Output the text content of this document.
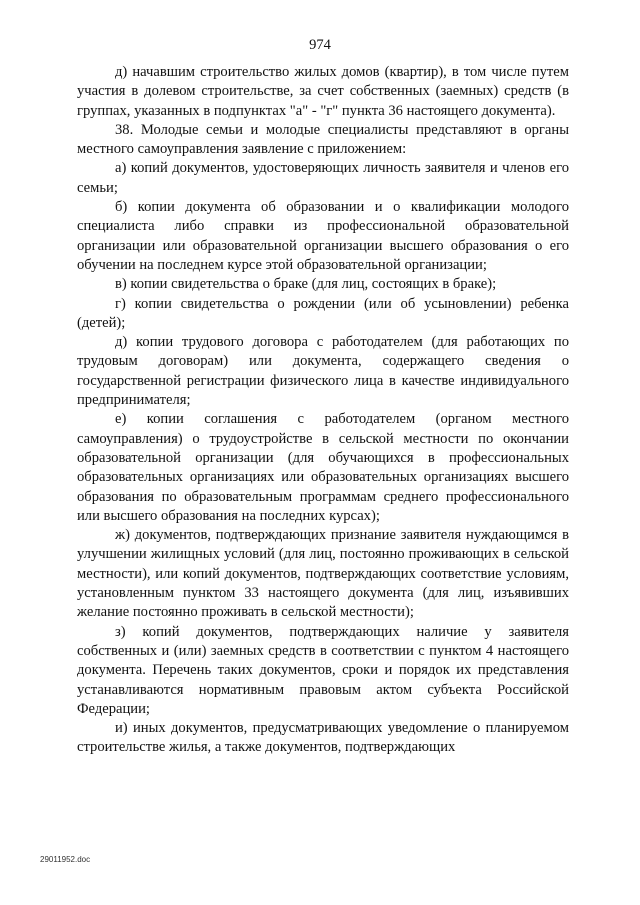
974

д) начавшим строительство жилых домов (квартир), в том числе путем участия в долевом строительстве, за счет собственных (заемных) средств (в группах, указанных в подпунктах "а" - "г" пункта 36 настоящего документа).

38. Молодые семьи и молодые специалисты представляют в органы местного самоуправления заявление с приложением:

а) копий документов, удостоверяющих личность заявителя и членов его семьи;

б) копии документа об образовании и о квалификации молодого специалиста либо справки из профессиональной образовательной организации или образовательной организации высшего образования о его обучении на последнем курсе этой образовательной организации;

в) копии свидетельства о браке (для лиц, состоящих в браке);

г) копии свидетельства о рождении (или об усыновлении) ребенка (детей);

д) копии трудового договора с работодателем (для работающих по трудовым договорам) или документа, содержащего сведения о государственной регистрации физического лица в качестве индивидуального предпринимателя;

е) копии соглашения с работодателем (органом местного самоуправления) о трудоустройстве в сельской местности по окончании образовательной организации (для обучающихся в профессиональных образовательных организациях или образовательных организациях высшего образования по образовательным программам среднего профессионального или высшего образования на последних курсах);

ж) документов, подтверждающих признание заявителя нуждающимся в улучшении жилищных условий (для лиц, постоянно проживающих в сельской местности), или копий документов, подтверждающих соответствие условиям, установленным пунктом 33 настоящего документа (для лиц, изъявивших желание постоянно проживать в сельской местности);

з) копий документов, подтверждающих наличие у заявителя собственных и (или) заемных средств в соответствии с пунктом 4 настоящего документа. Перечень таких документов, сроки и порядок их представления устанавливаются нормативным правовым актом субъекта Российской Федерации;

и) иных документов, предусматривающих уведомление о планируемом строительстве жилья, а также документов, подтверждающих

29011952.doc
